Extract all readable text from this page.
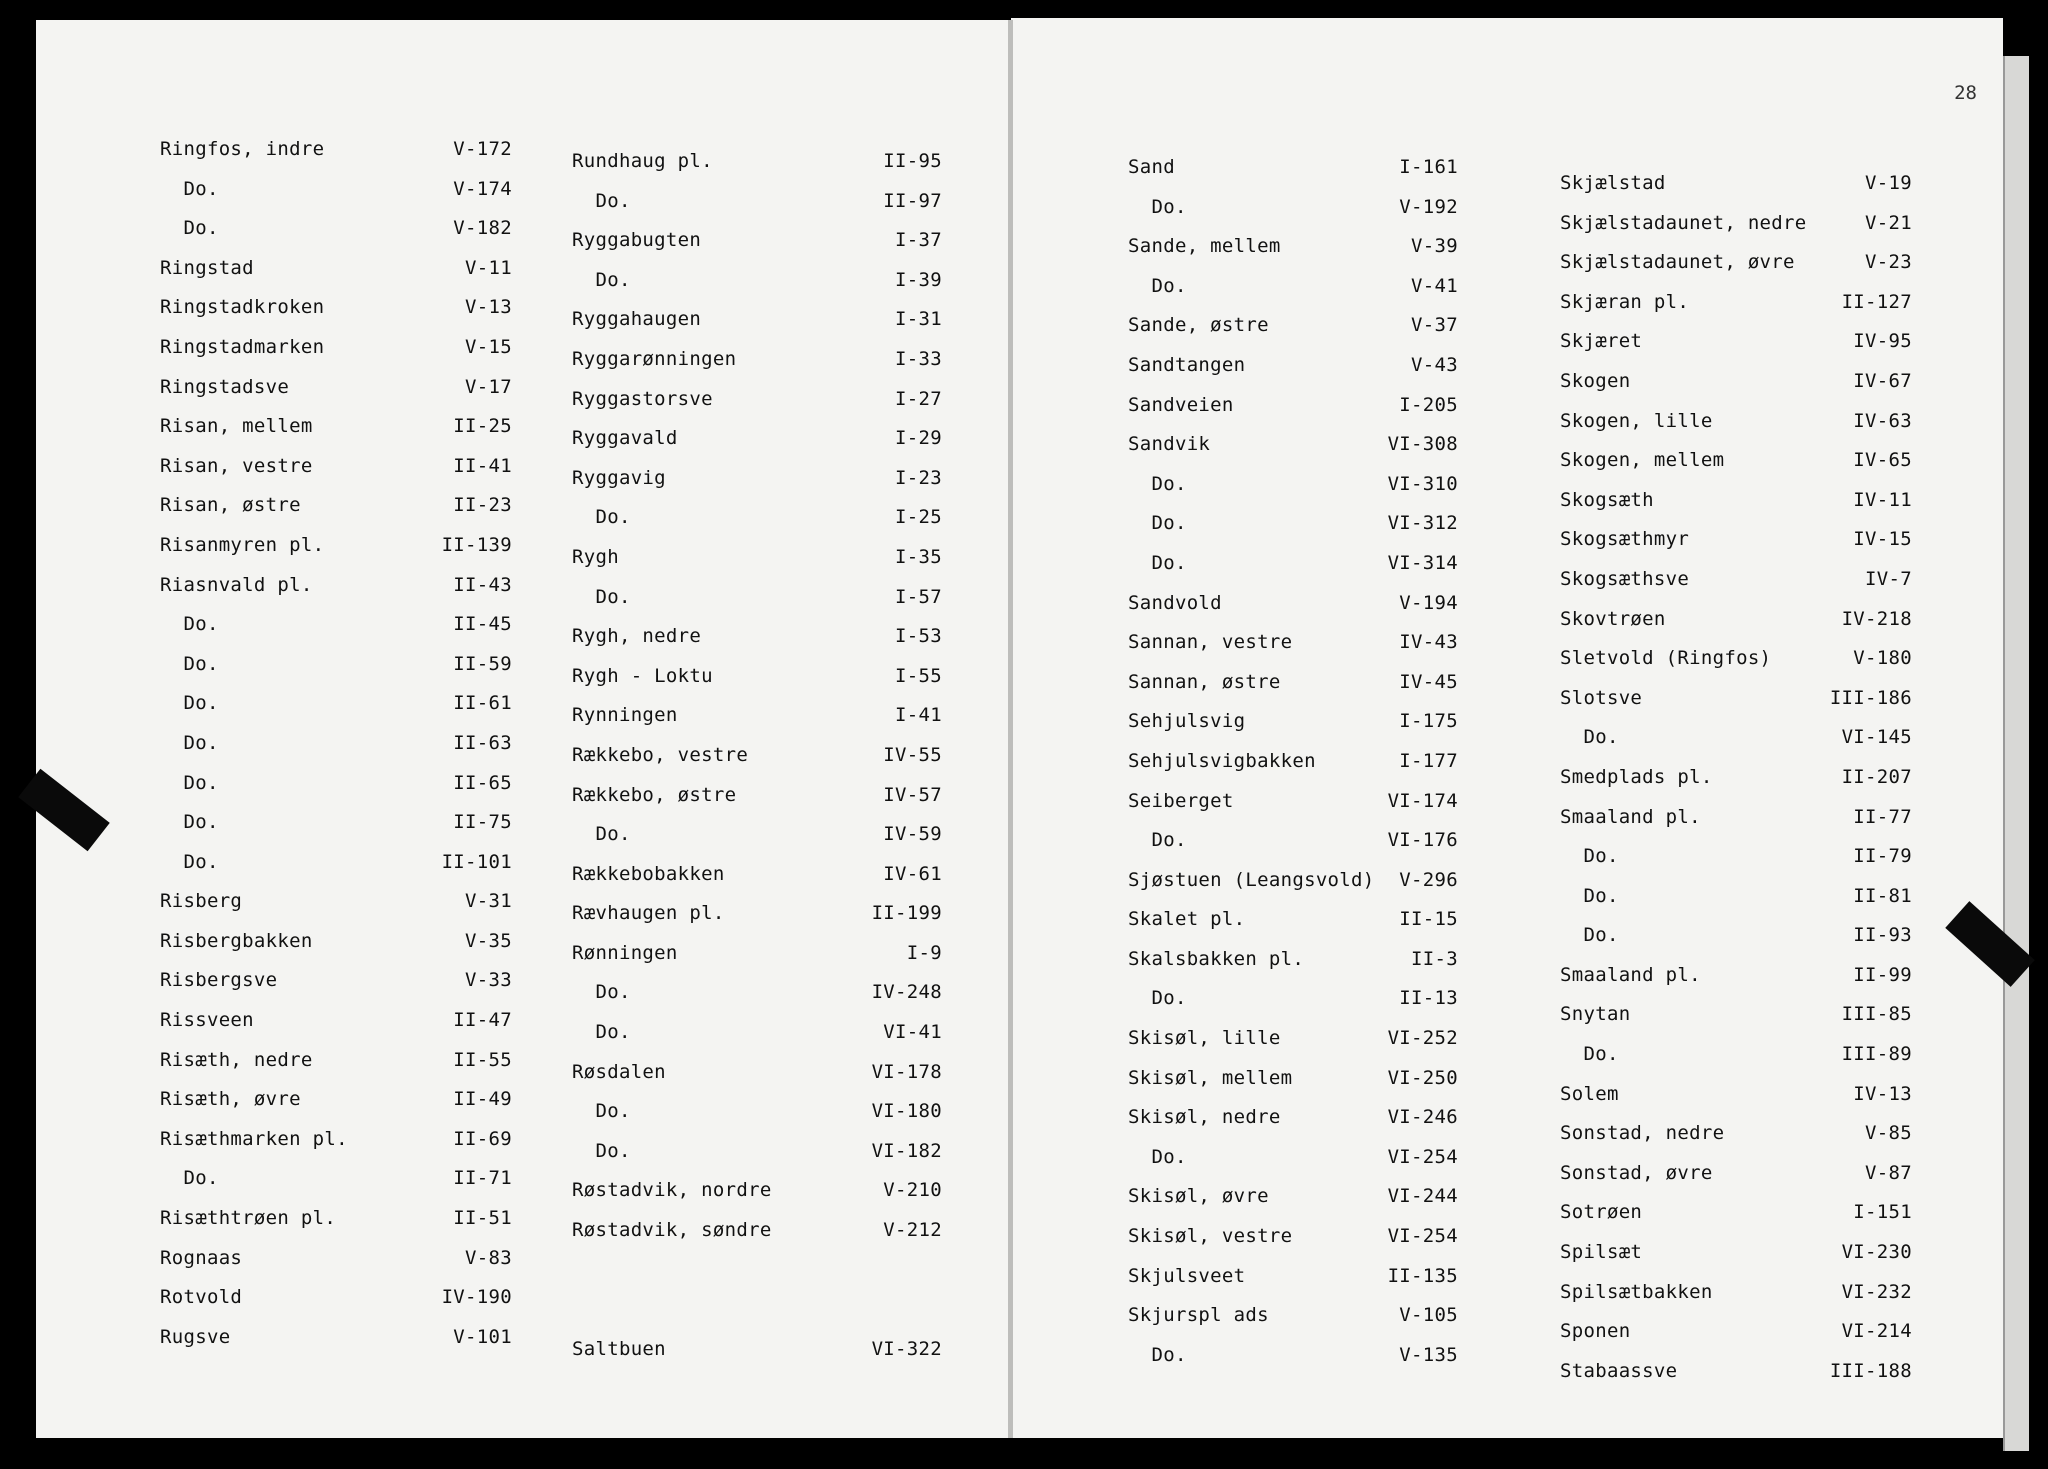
28
Ringfos, indre	V-172
Do.	V-174
Do.	V-182
Ringstad	V-11
Ringstadkroken	V-13
Ringstadmarken	V-15
Ringstadsve	V-17
Risan, mellem	II-25
Risan, vestre	II-41
Risan, østre	II-23
Risanmyren pl.	II-139
Riasnvald pl.	II-43
Do.	II-45
Do.	II-59
Do.	II-61
Do.	II-63
Do.	II-65
Do.	II-75
Do.	II-101
Risberg	V-31
Risbergbakken	V-35
Risbergsve	V-33
Rissveen	II-47
Risæth, nedre	II-55
Risæth, øvre	II-49
Risæthmarken pl.	II-69
Do.	II-71
Risæthtrøen pl.	II-51
Rognaas	V-83
Rotvold	IV-190
Rugsve	V-101
Rundhaug pl.	II-95
Do.	II-97
Ryggabugten	I-37
Do.	I-39
Ryggahaugen	I-31
Ryggarønningen	I-33
Ryggastorsve	I-27
Ryggavald	I-29
Ryggavig	I-23
Do.	I-25
Rygh	I-35
Do.	I-57
Rygh, nedre	I-53
Rygh - Loktu	I-55
Rynningen	I-41
Rækkebo, vestre	IV-55
Rækkebo, østre	IV-57
Do.	IV-59
Rækkebobakken	IV-61
Rævhaugen pl.	II-199
Rønningen	I-9
Do.	IV-248
Do.	VI-41
Røsdalen	VI-178
Do.	VI-180
Do.	VI-182
Røstadvik, nordre	V-210
Røstadvik, søndre	V-212
Saltbuen	VI-322
Sand	I-161
Do.	V-192
Sande, mellem	V-39
Do.	V-41
Sande, østre	V-37
Sandtangen	V-43
Sandveien	I-205
Sandvik	VI-308
Do.	VI-310
Do.	VI-312
Do.	VI-314
Sandvold	V-194
Sannan, vestre	IV-43
Sannan, østre	IV-45
Sehjulsvig	I-175
Sehjulsvigbakken	I-177
Seiberget	VI-174
Do.	VI-176
Sjøstuen (Leangsvold) V-296
Skalet pl.	II-15
Skalsbakken pl.	II-3
Do.	II-13
Skisøl, lille	VI-252
Skisøl, mellem	VI-250
Skisøl, nedre	VI-246
Do.	VI-254
Skisøl, øvre	VI-244
Skisøl, vestre	VI-254
Skjulsveet	II-135
Skjurspl ads	V-105
Do.	V-135
Skjælstad	V-19
Skjælstadaunet, nedre	V-21
Skjælstadaunet, øvre	V-23
Skjæran pl.	II-127
Skjæret	IV-95
Skogen	IV-67
Skogen, lille	IV-63
Skogen, mellem	IV-65
Skogsæth	IV-11
Skogsæthmyr	IV-15
Skogsæthsve	IV-7
Skovtrøen	IV-218
Sletvold (Ringfos)	V-180
Slotsve	III-186
Do.	VI-145
Smedplads pl.	II-207
Smaaland pl.	II-77
Do.	II-79
Do.	II-81
Do.	II-93
Smaaland pl.	II-99
Snytan	III-85
Do.	III-89
Solem	IV-13
Sonstad, nedre	V-85
Sonstad, øvre	V-87
Sotrøen	I-151
Spilsæt	VI-230
Spilsætbakken	VI-232
Sponen	VI-214
Stabaassve	III-188
